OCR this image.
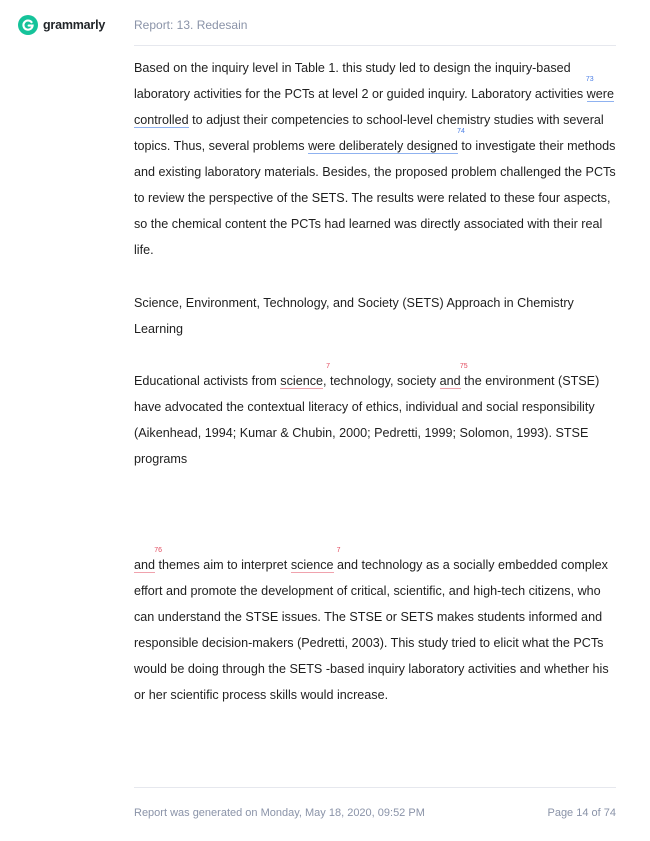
grammarly Report: 13. Redesain
Based on the inquiry level in Table 1. this study led to design the inquiry-based laboratory activities for the PCTs at level 2 or guided inquiry. Laboratory activities were controlled
73
to adjust their competencies to school-level chemistry studies with several topics. Thus, several problems were deliberately designed
74
to investigate their methods and existing laboratory materials. Besides, the proposed problem challenged the PCTs to review the perspective of the SETS. The results were related to these four aspects, so the chemical content the PCTs had learned was directly associated with their real life.
Science, Environment, Technology, and Society (SETS) Approach in Chemistry Learning
Educational activists from science
7
, technology, society and
75
the environment (STSE) have advocated the contextual literacy of ethics, individual and social responsibility (Aikenhead, 1994; Kumar & Chubin, 2000; Pedretti, 1999; Solomon, 1993). STSE programs
and
76
themes aim to interpret science
7
and technology as a socially embedded complex effort and promote the development of critical, scientific, and high-tech citizens, who can understand the STSE issues. The STSE or SETS makes students informed and responsible decision-makers (Pedretti, 2003). This study tried to elicit what the PCTs would be doing through the SETS -based inquiry laboratory activities and whether his or her scientific process skills would increase.
Report was generated on Monday, May 18, 2020, 09:52 PM	Page 14 of 74
